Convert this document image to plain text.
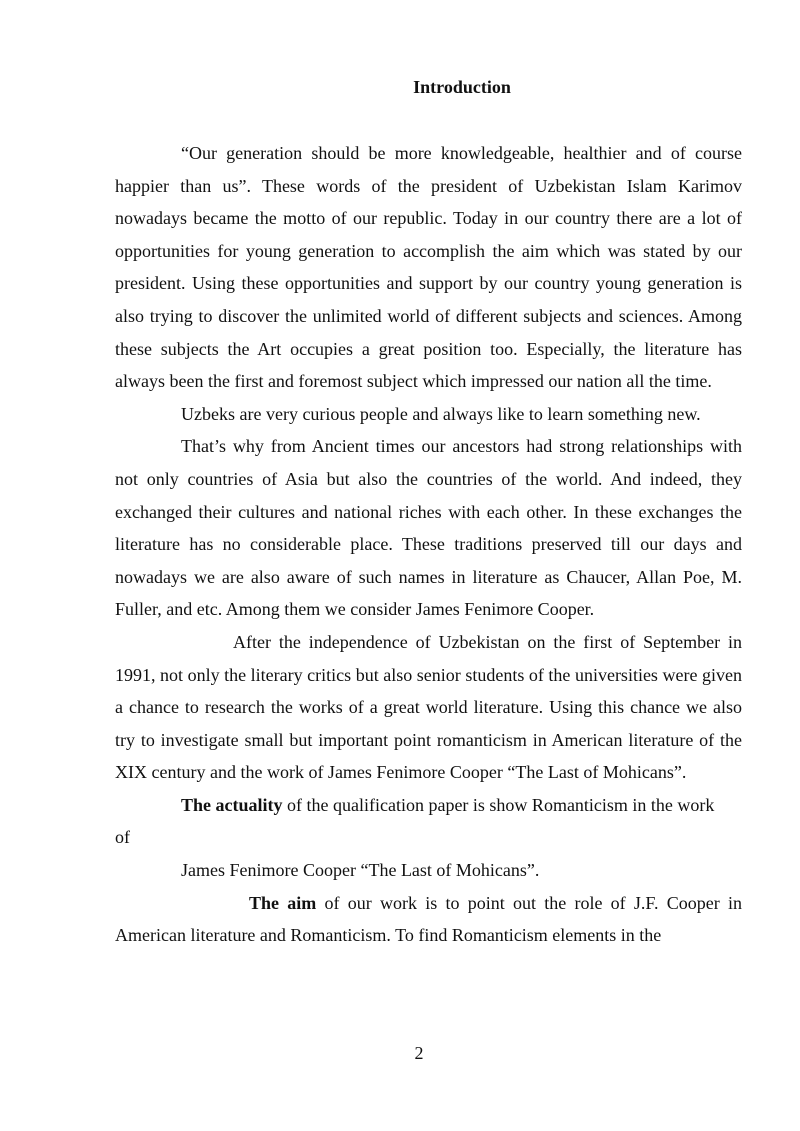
Introduction

“Our generation should be more knowledgeable, healthier and of course happier than us”. These words of the president of Uzbekistan Islam Karimov nowadays became the motto of our republic. Today in our country there are a lot of opportunities for young generation to accomplish the aim which was stated by our president. Using these opportunities and support by our country young generation is also trying to discover the unlimited world of different subjects and sciences. Among these subjects the Art occupies a great position too. Especially, the literature has always been the first and foremost subject which impressed our nation all the time.

Uzbeks are very curious people and always like to learn something new.

That’s why from Ancient times our ancestors had strong relationships with not only countries of Asia but also the countries of the world. And indeed, they exchanged their cultures and national riches with each other. In these exchanges the literature has no considerable place. These traditions preserved till our days and nowadays we are also aware of such names in literature as Chaucer, Allan Poe, M. Fuller, and etc. Among them we consider James Fenimore Cooper.

After the independence of Uzbekistan on the first of September in 1991, not only the literary critics but also senior students of the universities were given a chance to research the works of a great world literature. Using this chance we also try to investigate small but important point romanticism in American literature of the XIX century and the work of James Fenimore Cooper “The Last of Mohicans”.

The actuality of the qualification paper is show Romanticism in the work

of

James Fenimore Cooper “The Last of Mohicans”.

The aim of our work is to point out the role of J.F. Cooper in American literature and Romanticism. To find Romanticism elements in the

2
